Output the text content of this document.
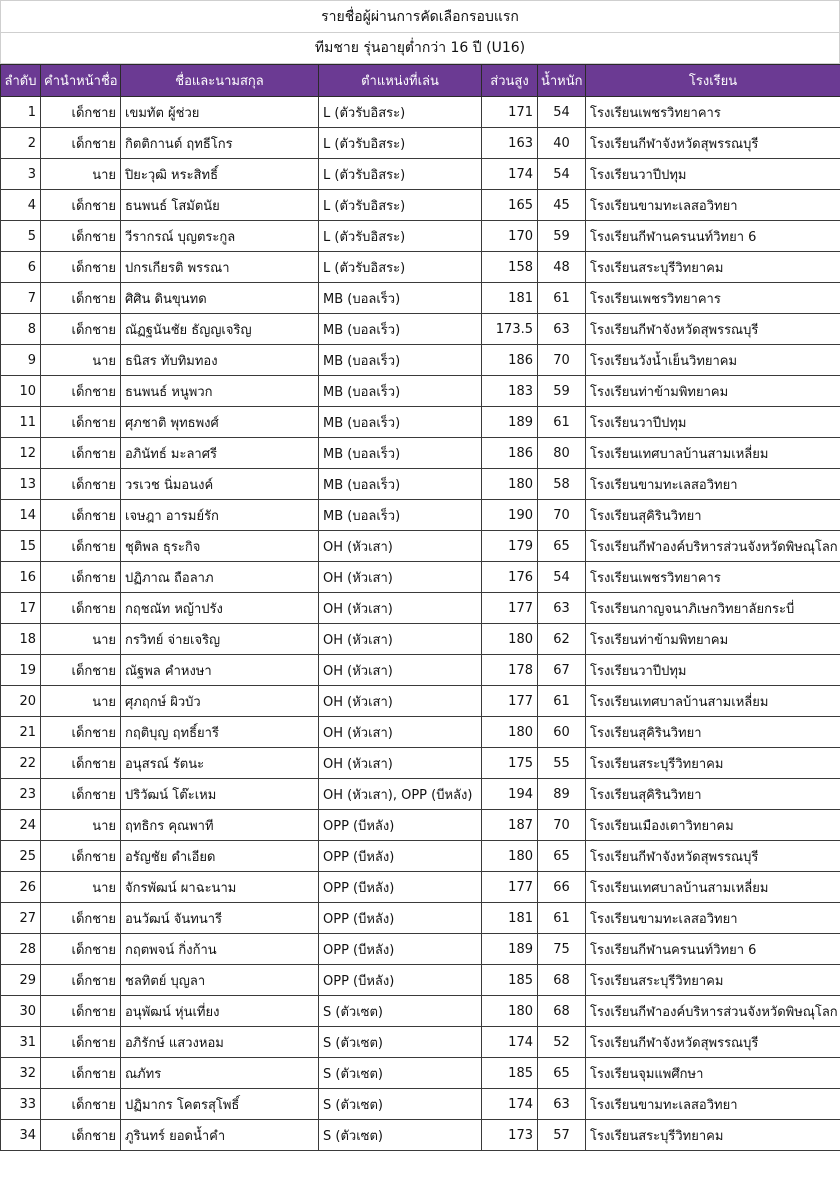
รายชื่อผู้ผ่านการคัดเลือกรอบแรก
ทีมชาย รุ่นอายุต่ำกว่า 16 ปี (U16)
ลำดับ	คำนำหน้าชื่อ	ชื่อและนามสกุล	ตำแหน่งที่เล่น	ส่วนสูง	น้ำหนัก	โรงเรียน
1	เด็กชาย	เขมทัต ผู้ช่วย	L (ตัวรับอิสระ)	171	54	โรงเรียนเพชรวิทยาคาร
2	เด็กชาย	กิตติกานต์ ฤทธีโกร	L (ตัวรับอิสระ)	163	40	โรงเรียนกีฬาจังหวัดสุพรรณบุรี
3	นาย	ปิยะวุฒิ หระสิทธิ์	L (ตัวรับอิสระ)	174	54	โรงเรียนวาปีปทุม
4	เด็กชาย	ธนพนธ์ โสมัตนัย	L (ตัวรับอิสระ)	165	45	โรงเรียนขามทะเลสอวิทยา
5	เด็กชาย	วีรากรณ์ บุญตระกูล	L (ตัวรับอิสระ)	170	59	โรงเรียนกีฬานครนนท์วิทยา 6
6	เด็กชาย	ปกรเกียรติ พรรณา	L (ตัวรับอิสระ)	158	48	โรงเรียนสระบุรีวิทยาคม
7	เด็กชาย	ศิศิน ดินขุนทด	MB (บอลเร็ว)	181	61	โรงเรียนเพชรวิทยาคาร
8	เด็กชาย	ณัฏฐนันชัย ธัญญเจริญ	MB (บอลเร็ว)	173.5	63	โรงเรียนกีฬาจังหวัดสุพรรณบุรี
9	นาย	ธนิสร ทับทิมทอง	MB (บอลเร็ว)	186	70	โรงเรียนวังน้ำเย็นวิทยาคม
10	เด็กชาย	ธนพนธ์ หนูพวก	MB (บอลเร็ว)	183	59	โรงเรียนท่าข้ามพิทยาคม
11	เด็กชาย	ศุภชาติ พุทธพงศ์	MB (บอลเร็ว)	189	61	โรงเรียนวาปีปทุม
12	เด็กชาย	อภินัทธ์ มะลาศรี	MB (บอลเร็ว)	186	80	โรงเรียนเทศบาลบ้านสามเหลี่ยม
13	เด็กชาย	วรเวช นิ่มอนงค์	MB (บอลเร็ว)	180	58	โรงเรียนขามทะเลสอวิทยา
14	เด็กชาย	เจษฎา อารมย์รัก	MB (บอลเร็ว)	190	70	โรงเรียนสุคิรินวิทยา
15	เด็กชาย	ชุติพล ธุระกิจ	OH (หัวเสา)	179	65	โรงเรียนกีฬาองค์บริหารส่วนจังหวัดพิษณุโลก
16	เด็กชาย	ปฏิภาณ ถือลาภ	OH (หัวเสา)	176	54	โรงเรียนเพชรวิทยาคาร
17	เด็กชาย	กฤชณัท หญ้าปรัง	OH (หัวเสา)	177	63	โรงเรียนกาญจนาภิเษกวิทยาลัยกระบี่
18	นาย	กรวิทย์ จ่ายเจริญ	OH (หัวเสา)	180	62	โรงเรียนท่าข้ามพิทยาคม
19	เด็กชาย	ณัฐพล คำหงษา	OH (หัวเสา)	178	67	โรงเรียนวาปีปทุม
20	นาย	ศุภฤกษ์ ผิวบัว	OH (หัวเสา)	177	61	โรงเรียนเทศบาลบ้านสามเหลี่ยม
21	เด็กชาย	กฤติบุญ ฤทธิ์ยารี	OH (หัวเสา)	180	60	โรงเรียนสุคิรินวิทยา
22	เด็กชาย	อนุสรณ์ รัตนะ	OH (หัวเสา)	175	55	โรงเรียนสระบุรีวิทยาคม
23	เด็กชาย	ปริวัฒน์ โต๊ะเหม	OH (หัวเสา), OPP (บีหลัง)	194	89	โรงเรียนสุคิรินวิทยา
24	นาย	ฤทธิกร คุณพาที	OPP (บีหลัง)	187	70	โรงเรียนเมืองเตาวิทยาคม
25	เด็กชาย	อรัญชัย ดำเอียด	OPP (บีหลัง)	180	65	โรงเรียนกีฬาจังหวัดสุพรรณบุรี
26	นาย	จักรพัฒน์ ผาฉะนาม	OPP (บีหลัง)	177	66	โรงเรียนเทศบาลบ้านสามเหลี่ยม
27	เด็กชาย	อนวัฒน์ จันทนารี	OPP (บีหลัง)	181	61	โรงเรียนขามทะเลสอวิทยา
28	เด็กชาย	กฤตพจน์ กิ่งก้าน	OPP (บีหลัง)	189	75	โรงเรียนกีฬานครนนท์วิทยา 6
29	เด็กชาย	ชลทิตย์ บุญลา	OPP (บีหลัง)	185	68	โรงเรียนสระบุรีวิทยาคม
30	เด็กชาย	อนุพัฒน์ หุ่นเที่ยง	S (ตัวเซต)	180	68	โรงเรียนกีฬาองค์บริหารส่วนจังหวัดพิษณุโลก
31	เด็กชาย	อภิรักษ์ แสวงหอม	S (ตัวเซต)	174	52	โรงเรียนกีฬาจังหวัดสุพรรณบุรี
32	เด็กชาย	ณภัทร	S (ตัวเซต)	185	65	โรงเรียนจุมแพศึกษา
33	เด็กชาย	ปฏิมากร โคตรสุโพธิ์	S (ตัวเซต)	174	63	โรงเรียนขามทะเลสอวิทยา
34	เด็กชาย	ภูรินทร์ ยอดน้ำคำ	S (ตัวเซต)	173	57	โรงเรียนสระบุรีวิทยาคม
